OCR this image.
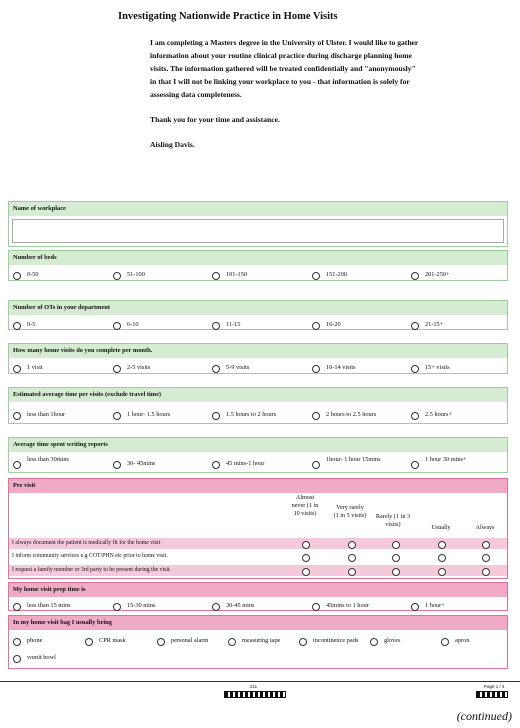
Investigating Nationwide Practice in Home Visits

I am completing a Masters degree in the University of Ulster. I would like to gather information about your routine clinical practice during discharge planning home visits. The information gathered will be treated confidentially and "anonymously" in that I will not be linking your workplace to you - that information is solely for assessing data completeness.

Thank you for your time and assistance.

Aisling Davis.

Name of workplace
Number of beds
0-50	51-100	101-150	151-200	201-250+
Number of OTs in your department
0-5	6-10	11-15	16-20	21-15+
How many home visits do you complete per month.
1 visit	2-5 visits	5-9 visits	10-14 visits	15+ visits
Estimated average time per visits (exclude travel time)
less than 1hour	1 hour- 1.5 hours	1.5 hours to 2 hours	2 hours to 2.5 hours	2.5 hours+
Average time spent writing reports
less than 30mins
30- 45mins	45 mins-1 hour
1hour- 1 hour 15mins	1 hour 30 mins+
Pre visit
Almost never (1 in 10 visits)
Very rarely (1 in 5 visits)	Rarely (1 in 3 visits)	Usually	Always
I always document the patient is medically fit for the home visit
I inform community services e.g COT/PHN etc prior to home visit.
I request a family member or 3rd party to be present during the visit.
My home visit prep time is
less than 15 mins	15-30 mins	30-45 mins	45mins to 1 hour	1 hour+
In my home visit bag I usually bring
phone	CPR mask	personal alarm	measuring tape	incontinence pads	gloves	apron
vomit bowl
211	Page 1 / 4
(continued)
